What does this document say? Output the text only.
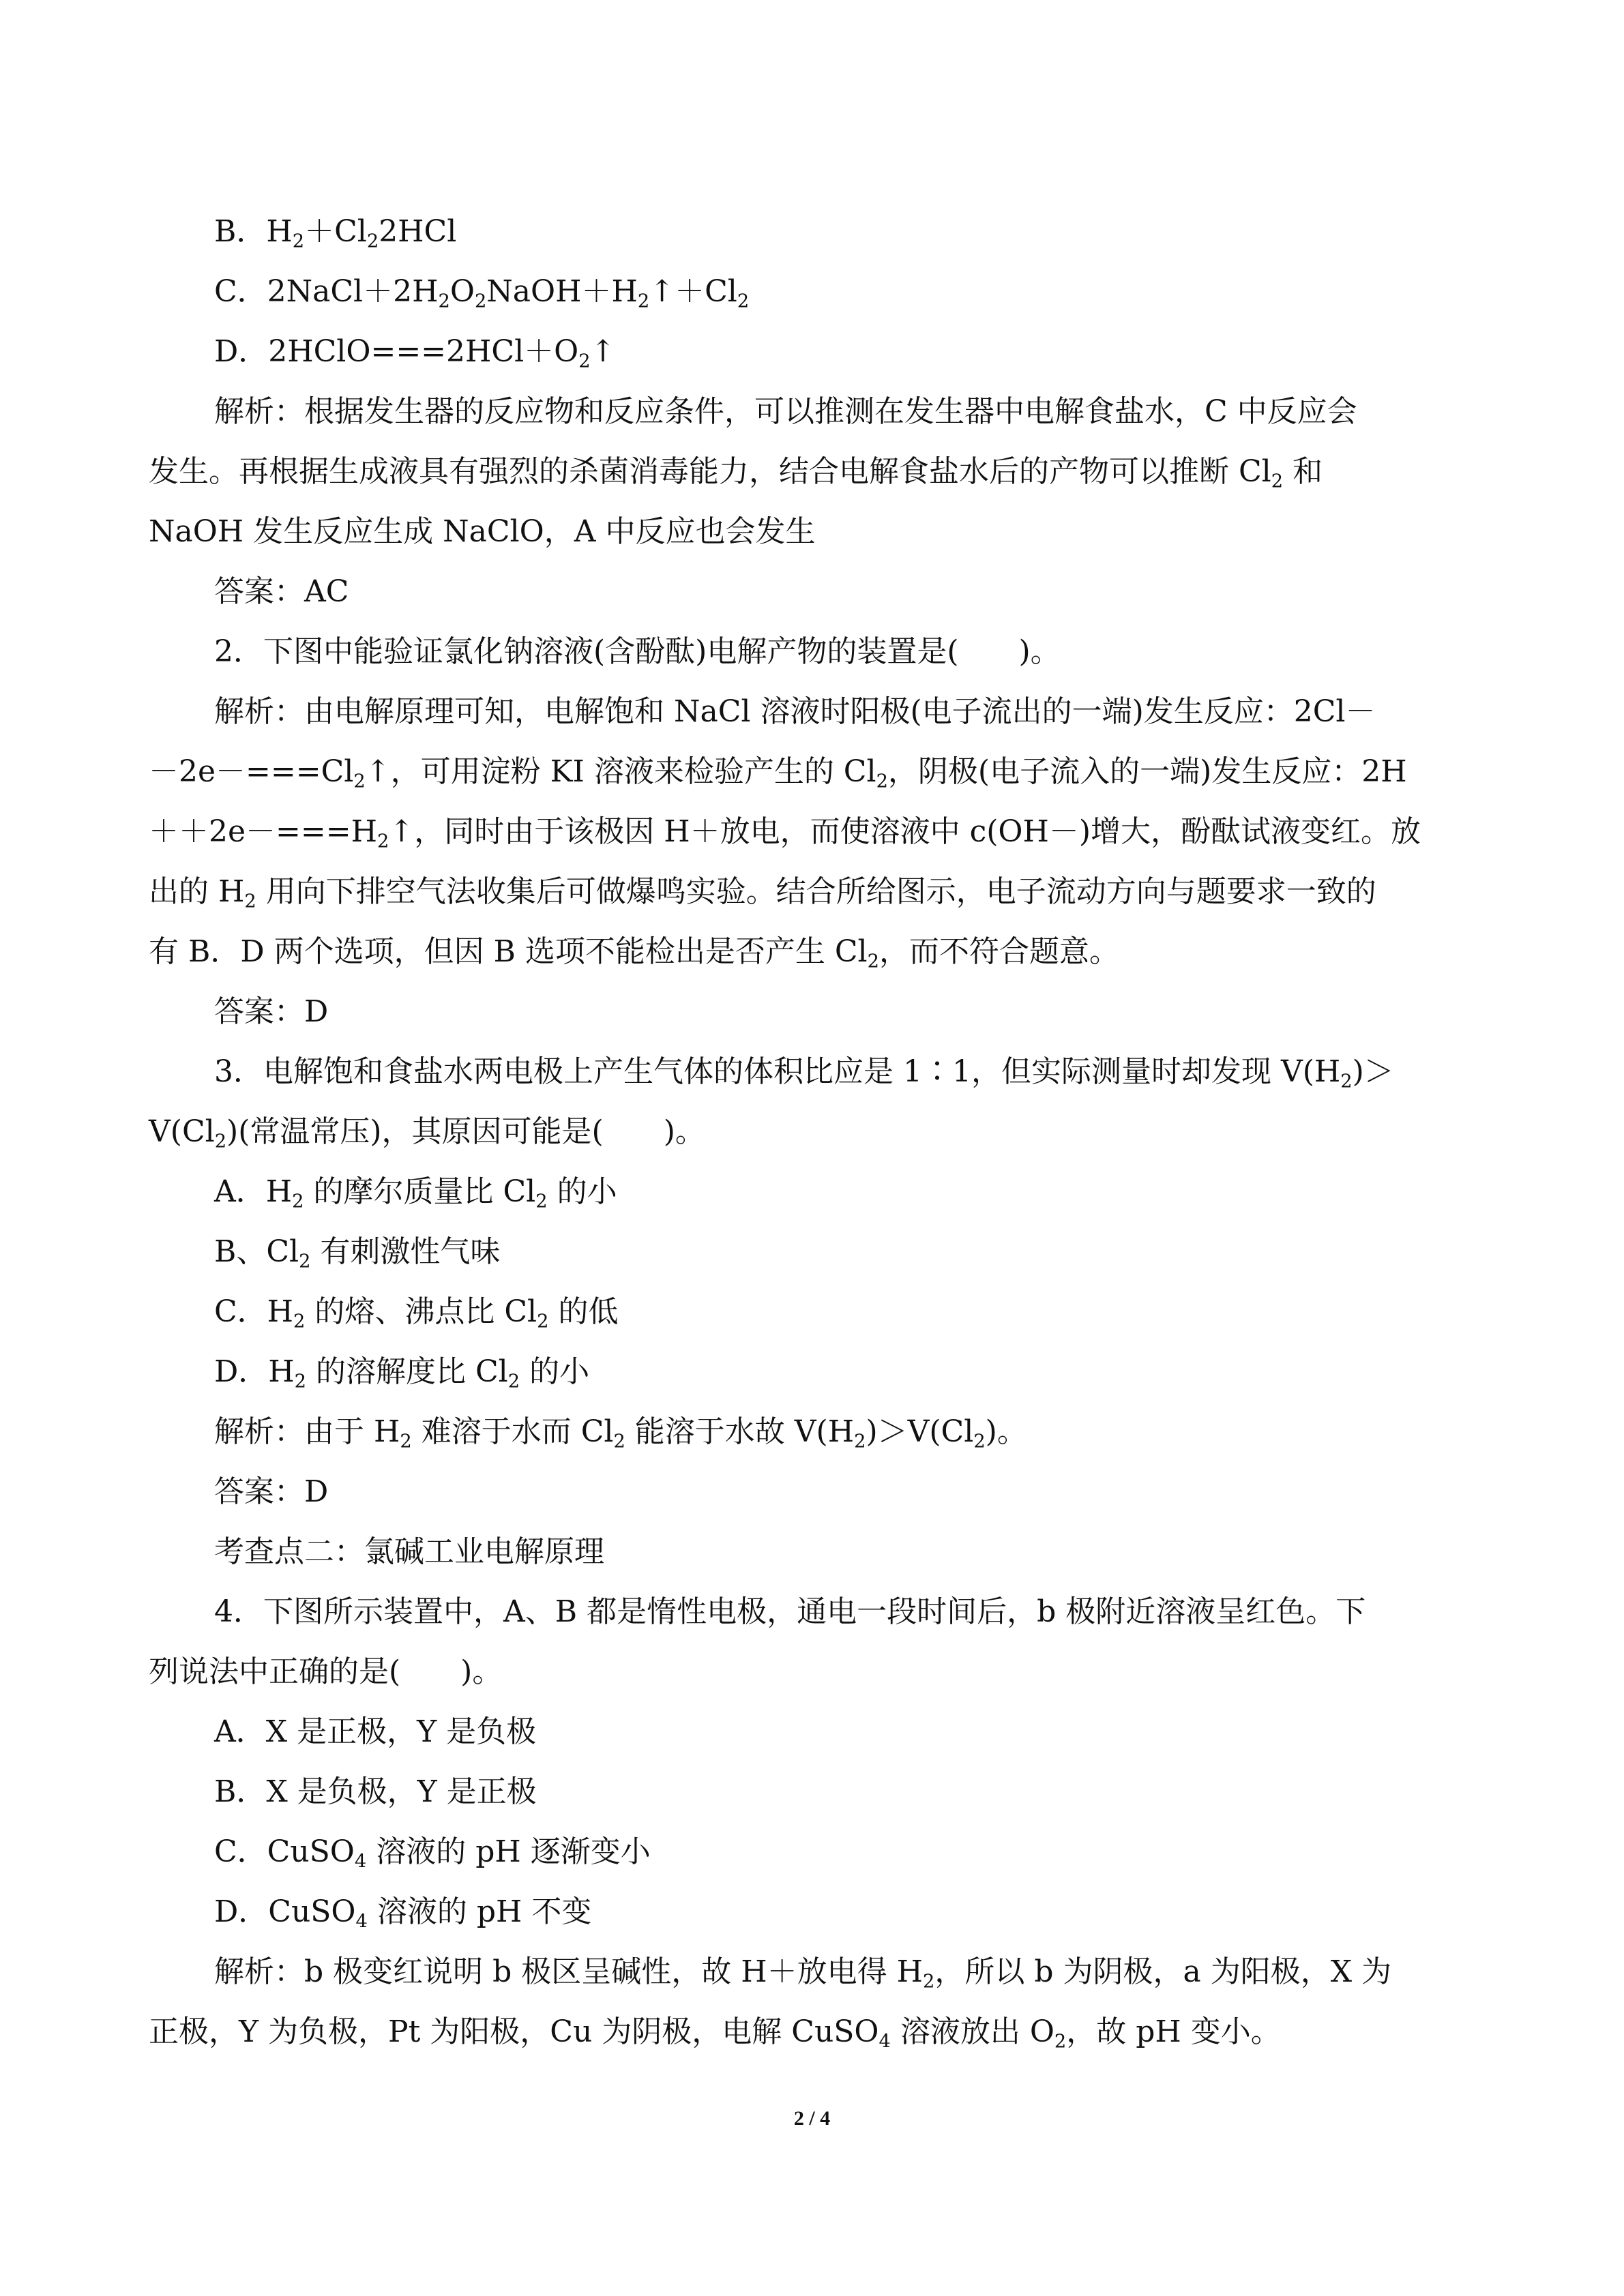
B．$H_2+Cl_22HCl$
C．$2NaCl+2H_2O_2NaOH+H_2↑+Cl_2$
D．$2HClO===2HCl+O_2↑$
解析：根据发生器的反应物和反应条件，可以推测在发生器中电解食盐水，C 中反应会
发生。再根据生成液具有强烈的杀菌消毒能力，结合电解食盐水后的产物可以推断 $Cl_2$ 和
NaOH 发生反应生成 NaClO，A 中反应也会发生
答案：AC
2．下图中能验证氯化钠溶液(含酚酞)电解产物的装置是(　　)。
解析：由电解原理可知，电解饱和 NaCl 溶液时阳极(电子流出的一端)发生反应：2Cl－
$-2e-===Cl_2↑$，可用淀粉 KI 溶液来检验产生的 $Cl_2$，阴极(电子流入的一端)发生反应：2H
$++2e-===H_2↑$，同时由于该极因 H＋放电，而使溶液中 c(OH－)增大，酚酞试液变红。放
出的 $H_2$ 用向下排空气法收集后可做爆鸣实验。结合所给图示，电子流动方向与题要求一致的
有 B．D 两个选项，但因 B 选项不能检出是否产生 $Cl_2$，而不符合题意。
答案：D
3．电解饱和食盐水两电极上产生气体的体积比应是 1∶1，但实际测量时却发现 $V(H_2)>$
$V(Cl_2)$(常温常压)，其原因可能是(　　)。
A．$H_2$ 的摩尔质量比 $Cl_2$ 的小
B、$Cl_2$ 有刺激性气味
C．$H_2$ 的熔、沸点比 $Cl_2$ 的低
D．$H_2$ 的溶解度比 $Cl_2$ 的小
解析：由于 $H_2$ 难溶于水而 $Cl_2$ 能溶于水故 $V(H_2)>V(Cl_2)$。
答案：D
考查点二：氯碱工业电解原理
4．下图所示装置中，A、B 都是惰性电极，通电一段时间后，b 极附近溶液呈红色。下
列说法中正确的是(　　)。
A．X 是正极，Y 是负极
B．X 是负极，Y 是正极
C．CuSO$_4$ 溶液的 pH 逐渐变小
D．CuSO$_4$ 溶液的 pH 不变
解析：b 极变红说明 b 极区呈碱性，故 H＋放电得 $H_2$，所以 b 为阴极，a 为阳极，X 为
正极，Y 为负极，Pt 为阳极，Cu 为阴极，电解 CuSO$_4$ 溶液放出 $O_2$，故 pH 变小。
2 / 4
